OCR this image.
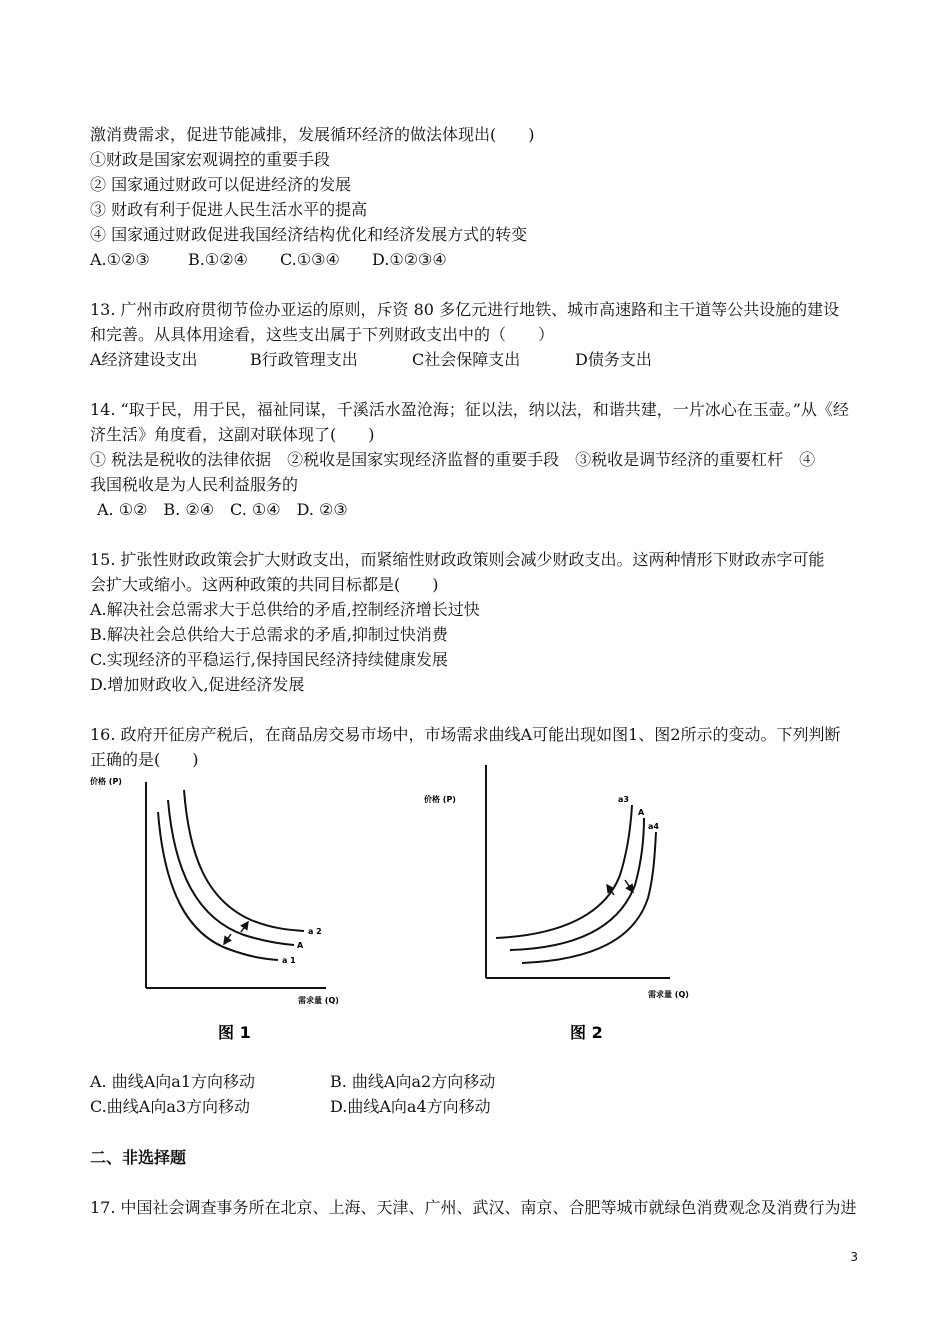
激消费需求，促进节能减排，发展循环经济的做法体现出(　　)
①财政是国家宏观调控的重要手段
② 国家通过财政可以促进经济的发展
③ 财政有利于促进人民生活水平的提高
④ 国家通过财政促进我国经济结构优化和经济发展方式的转变
A.①②③ B.①②④ C.①③④ D.①②③④
13. 广州市政府贯彻节俭办亚运的原则，斥资 80 多亿元进行地铁、城市高速路和主干道等公共设施的建设
和完善。从具体用途看，这些支出属于下列财政支出中的（　　）
A经济建设支出	B行政管理支出	C社会保障支出	D债务支出
14. “取于民，用于民，福祉同谋，千溪活水盈沧海；征以法，纳以法，和谐共建，一片冰心在玉壶。”从《经
济生活》角度看，这副对联体现了(　　)
① 税法是税收的法律依据　②税收是国家实现经济监督的重要手段　③税收是调节经济的重要杠杆　④
我国税收是为人民利益服务的
A. ①②　B. ②④　C. ①④　D. ②③
15. 扩张性财政政策会扩大财政支出，而紧缩性财政政策则会减少财政支出。这两种情形下财政赤字可能
会扩大或缩小。这两种政策的共同目标都是(　　)
A.解决社会总需求大于总供给的矛盾,控制经济增长过快
B.解决社会总供给大于总需求的矛盾,抑制过快消费
C.实现经济的平稳运行,保持国民经济持续健康发展
D.增加财政收入,促进经济发展
16. 政府开征房产税后，在商品房交易市场中，市场需求曲线A可能出现如图1、图2所示的变动。下列判断
正确的是(　　)
价格 (P)
需求量 (Q)
a 2
A
a 1
图 1
价格 (P)
需求量 (Q)
a3
A
a4
图 2
A. 曲线A向a1方向移动	B. 曲线A向a2方向移动
C.曲线A向a3方向移动	D.曲线A向a4方向移动
二、非选择题
17. 中国社会调查事务所在北京、上海、天津、广州、武汉、南京、合肥等城市就绿色消费观念及消费行为进
3
